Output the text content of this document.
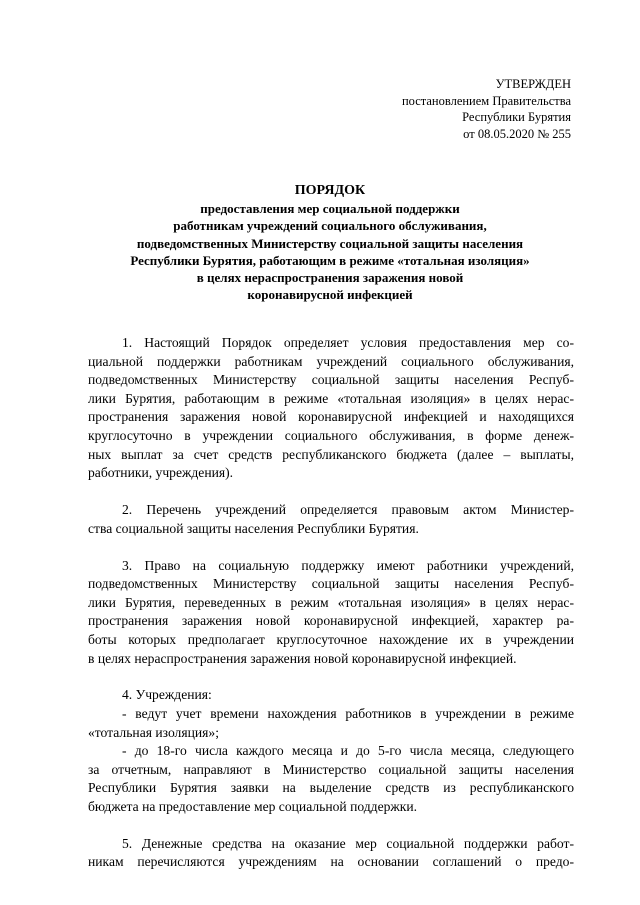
УТВЕРЖДЕН
постановлением Правительства
Республики Бурятия
от 08.05.2020 № 255
ПОРЯДОК
предоставления мер социальной поддержки
работникам учреждений социального обслуживания,
подведомственных Министерству социальной защиты населения
Республики Бурятия, работающим в режиме «тотальная изоляция»
в целях нераспространения заражения новой
коронавирусной инфекцией
1. Настоящий Порядок определяет условия предоставления мер со-
циальной поддержки работникам учреждений социального обслуживания,
подведомственных Министерству социальной защиты населения Респуб-
лики Бурятия, работающим в режиме «тотальная изоляция» в целях нерас-
пространения заражения новой коронавирусной инфекцией и находящихся
круглосуточно в учреждении социального обслуживания, в форме денеж-
ных выплат за счет средств республиканского бюджета (далее – выплаты,
работники, учреждения).
2. Перечень учреждений определяется правовым актом Министер-
ства социальной защиты населения Республики Бурятия.
3. Право на социальную поддержку имеют работники учреждений,
подведомственных Министерству социальной защиты населения Респуб-
лики Бурятия, переведенных в режим «тотальная изоляция» в целях нерас-
пространения заражения новой коронавирусной инфекцией, характер ра-
боты которых предполагает круглосуточное нахождение их в учреждении
в целях нераспространения заражения новой коронавирусной инфекцией.
4. Учреждения:
- ведут учет времени нахождения работников в учреждении в режиме
«тотальная изоляция»;
- до 18-го числа каждого месяца и до 5-го числа месяца, следующего
за отчетным, направляют в Министерство социальной защиты населения
Республики Бурятия заявки на выделение средств из республиканского
бюджета на предоставление мер социальной поддержки.
5. Денежные средства на оказание мер социальной поддержки работ-
никам перечисляются учреждениям на основании соглашений о предо-
